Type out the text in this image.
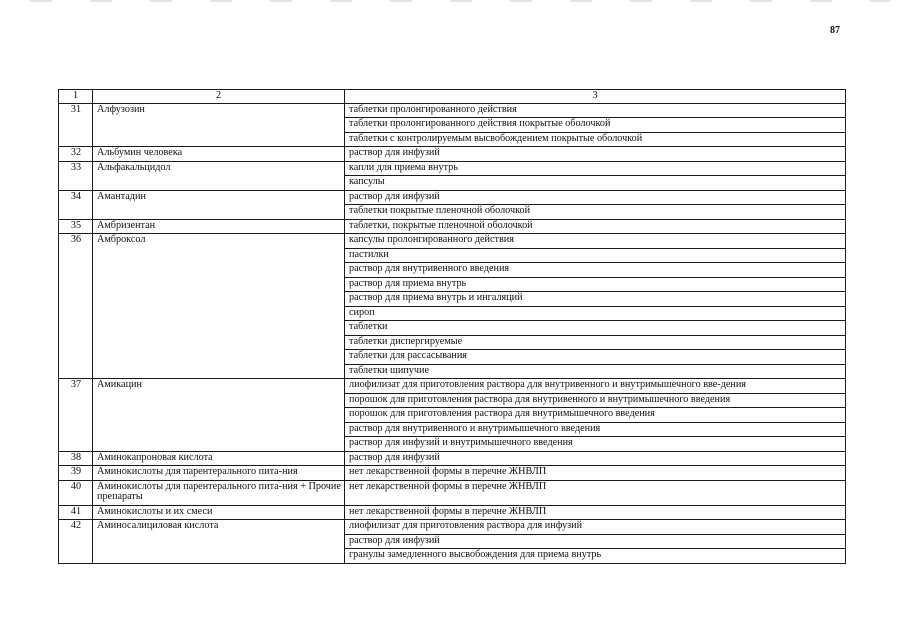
87
1	2	3
31	Алфузозин	таблетки пролонгированного действия
		таблетки пролонгированного действия покрытые оболочкой
		таблетки с контролируемым высвобождением покрытые оболочкой
32	Альбумин человека	раствор для инфузий
33	Альфакальцидол	капли для приема внутрь
		капсулы
34	Амантадин	раствор для инфузий
		таблетки покрытые пленочной оболочкой
35	Амбризентан	таблетки, покрытые пленочной оболочкой
36	Амброксол	капсулы пролонгированного действия
		пастилки
		раствор для внутривенного введения
		раствор для приема внутрь
		раствор для приема внутрь и ингаляций
		сироп
		таблетки
		таблетки диспергируемые
		таблетки для рассасывания
		таблетки шипучие
37	Амикацин	лиофилизат для приготовления раствора для внутривенного и внутримышечного вве-дения
		порошок для приготовления раствора для внутривенного и внутримышечного введения
		порошок для приготовления раствора для внутримышечного введения
		раствор для внутривенного и внутримышечного введения
		раствор для инфузий и внутримышечного введения
38	Аминокапроновая кислота	раствор для инфузий
39	Аминокислоты для парентерального пита-ния	нет лекарственной формы в перечне ЖНВЛП
40	Аминокислоты для парентерального пита-ния + Прочие препараты	нет лекарственной формы в перечне ЖНВЛП
41	Аминокислоты и их смеси	нет лекарственной формы в перечне ЖНВЛП
42	Аминосалициловая кислота	лиофилизат для приготовления раствора для инфузий
		раствор для инфузий
		гранулы замедленного высвобождения для приема внутрь
